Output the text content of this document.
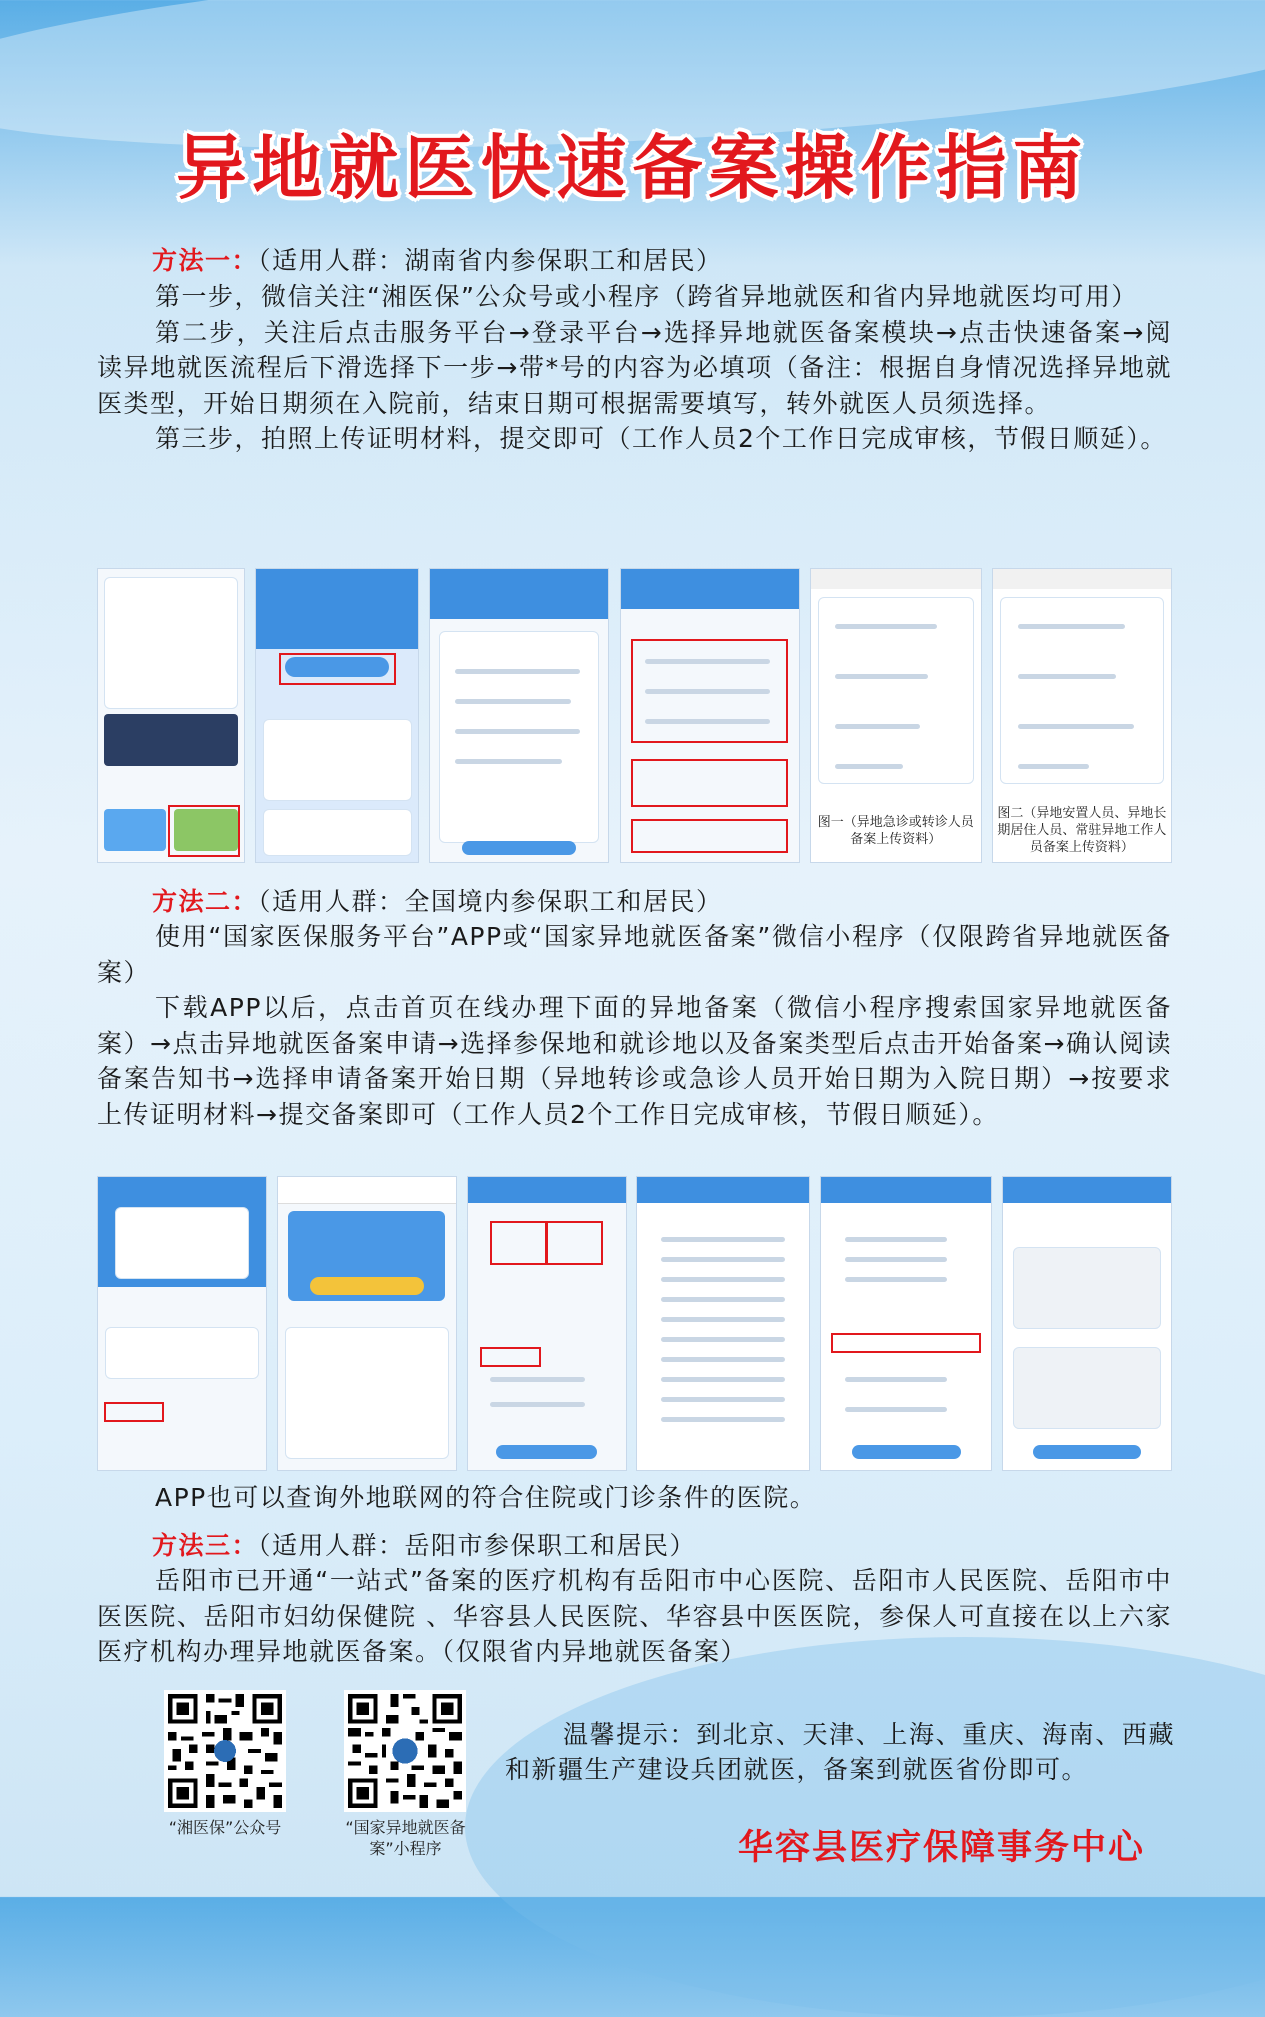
异地就医快速备案操作指南
方法一：（适用人群：湖南省内参保职工和居民）

第一步，微信关注“湘医保”公众号或小程序（跨省异地就医和省内异地就医均可用）

第二步，关注后点击服务平台→登录平台→选择异地就医备案模块→点击快速备案→阅读异地就医流程后下滑选择下一步→带*号的内容为必填项（备注：根据自身情况选择异地就医类型，开始日期须在入院前，结束日期可根据需要填写，转外就医人员须选择。

第三步，拍照上传证明材料，提交即可（工作人员2个工作日完成审核，节假日顺延）。

图一（异地急诊或转诊人员备案上传资料）
图二（异地安置人员、异地长期居住人员、常驻异地工作人员备案上传资料）
方法二：（适用人群：全国境内参保职工和居民）

使用“国家医保服务平台”APP或“国家异地就医备案”微信小程序（仅限跨省异地就医备案）

下载APP以后，点击首页在线办理下面的异地备案（微信小程序搜索国家异地就医备案）→点击异地就医备案申请→选择参保地和就诊地以及备案类型后点击开始备案→确认阅读备案告知书→选择申请备案开始日期（异地转诊或急诊人员开始日期为入院日期）→按要求上传证明材料→提交备案即可（工作人员2个工作日完成审核，节假日顺延）。

APP也可以查询外地联网的符合住院或门诊条件的医院。
方法三：（适用人群：岳阳市参保职工和居民）

岳阳市已开通“一站式”备案的医疗机构有岳阳市中心医院、岳阳市人民医院、岳阳市中医医院、岳阳市妇幼保健院 、华容县人民医院、华容县中医医院，参保人可直接在以上六家医疗机构办理异地就医备案。（仅限省内异地就医备案）

“湘医保”公众号	“国家异地就医备案”小程序
温馨提示：到北京、天津、上海、重庆、海南、西藏和新疆生产建设兵团就医，备案到就医省份即可。
华容县医疗保障事务中心
